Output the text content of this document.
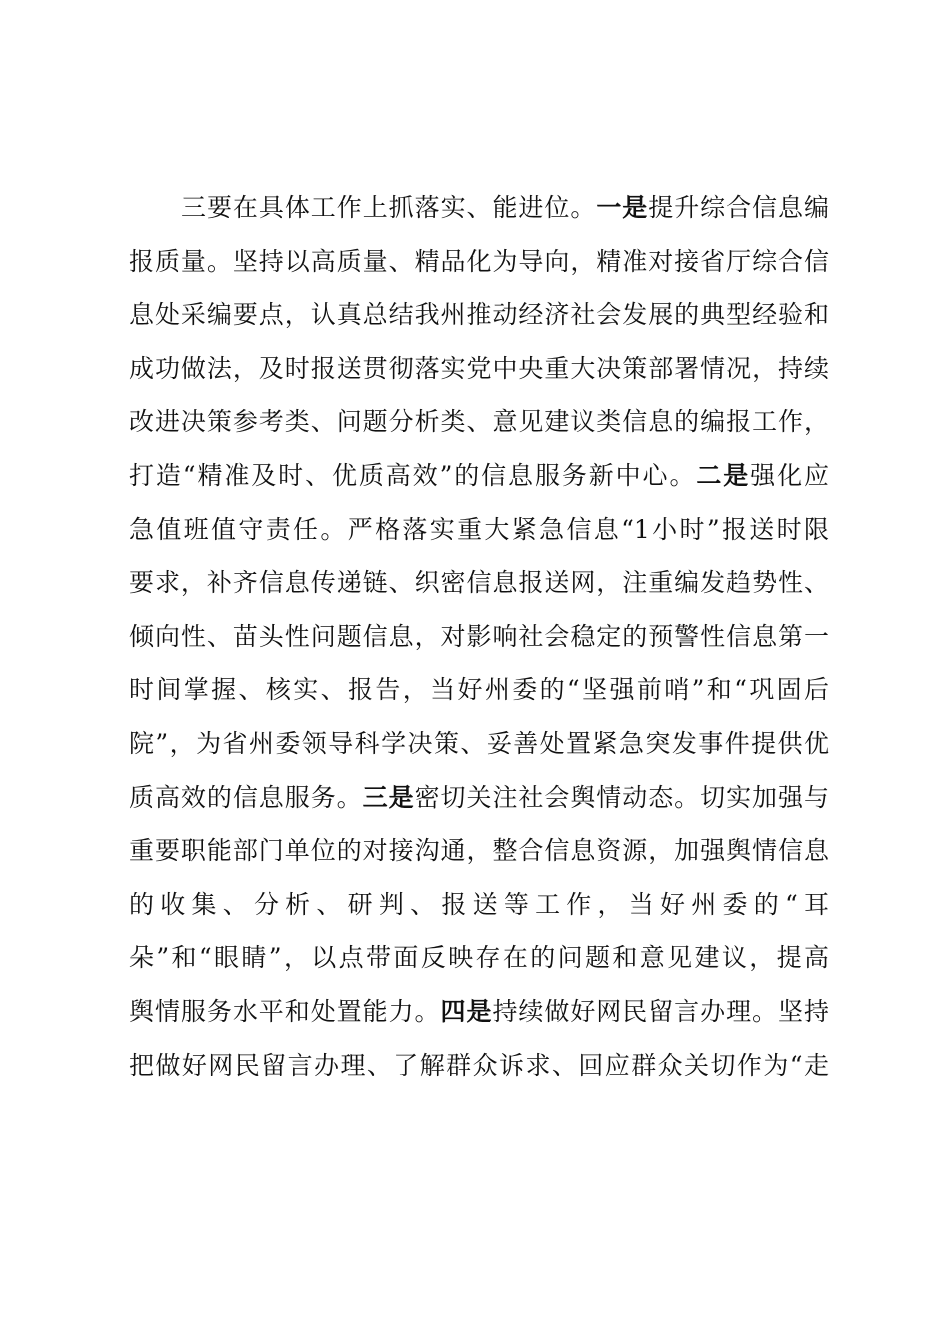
三要在具体工作上抓落实、能进位。一是提升综合信息编
报质量。坚持以高质量、精品化为导向，精准对接省厅综合信
息处采编要点，认真总结我州推动经济社会发展的典型经验和
成功做法，及时报送贯彻落实党中央重大决策部署情况，持续
改进决策参考类、问题分析类、意见建议类信息的编报工作，
打造“精准及时、优质高效”的信息服务新中心。二是强化应
急值班值守责任。严格落实重大紧急信息“1小时”报送时限
要求，补齐信息传递链、织密信息报送网，注重编发趋势性、
倾向性、苗头性问题信息，对影响社会稳定的预警性信息第一
时间掌握、核实、报告，当好州委的“坚强前哨”和“巩固后
院”，为省州委领导科学决策、妥善处置紧急突发事件提供优
质高效的信息服务。三是密切关注社会舆情动态。切实加强与
重要职能部门单位的对接沟通，整合信息资源，加强舆情信息
的收集、分析、研判、报送等工作，当好州委的“耳
朵”和“眼睛”，以点带面反映存在的问题和意见建议，提高
舆情服务水平和处置能力。四是持续做好网民留言办理。坚持
把做好网民留言办理、了解群众诉求、回应群众关切作为“走
